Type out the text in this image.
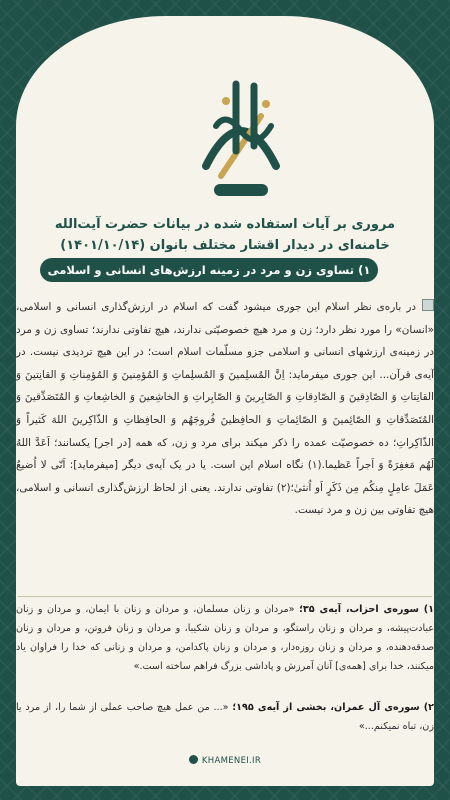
مروری بر آیات استفاده شده در بیانات حضرت آیت‌الله خامنه‌ای در دیدار اقشار مختلف بانوان (۱۴۰۱/۱۰/۱۴)
۱) تساوی زن و مرد در زمینه ارزش‌های انسانی و اسلامی
در باره‌ی نظر اسلام این جوری میشود گفت که اسلام در ارزش‌گذاری انسانی و اسلامی، «انسان» را مورد نظر دارد؛ زن و مرد هیچ خصوصیّتی ندارند، هیچ تفاوتی ندارند؛ تساوی زن و مرد در زمینه‌ی ارزشهای انسانی و اسلامی جزو مسلّمات اسلام است؛ در این هیچ تردیدی نیست. در آیه‌ی قرآن... این جوری میفرماید: اِنَّ المُسلِمینَ وَ المُسلِماتِ وَ المُؤمِنینَ وَ المُؤمِناتِ وَ القانِتینَ وَ القانِتاتِ وَ الصّادِقینَ وَ الصّادِقاتِ وَ الصّابِرینَ وَ الصّابِراتِ وَ الخاشِعینَ وَ الخاشِعاتِ وَ المُتَصَدِّقینَ وَ المُتَصَدِّقاتِ وَ الصّائِمینَ وَ الصّائِماتِ وَ الحافِظینَ فُروجَهُم وَ الحافِظاتِ وَ الذّاکِرینَ اللهَ کَثیراً وَ الذّاکِراتِ؛ ده خصوصیّت عمده را ذکر میکند برای مرد و زن، که همه [در اجر] یکسانند؛ اَعَدَّ اللهُ لَهُم مَغفِرَةً وَ اَجراً عَظیما.(۱) نگاه اسلام این است. یا در یک آیه‌ی دیگر [میفرماید]: اَنّی لا اُضیعُ عَمَلَ عامِلٍ مِنکُم مِن ذَکَرٍ اَو اُنثیٰ؛(۲) تفاوتی ندارند. یعنی از لحاظ ارزش‌گذاری انسانی و اسلامی، هیچ تفاوتی بین زن و مرد نیست.
۱) سوره‌ی احزاب، آیه‌ی ۳۵؛ «مردان و زنان مسلمان، و مردان و زنان با ایمان، و مردان و زنان عبادت‌پیشه، و مردان و زنان راستگو، و مردان و زنان شکیبا، و مردان و زنان فروتن، و مردان و زنان صدقه‌دهنده، و مردان و زنان روزه‌دار، و مردان و زنان پاکدامن، و مردان و زنانی که خدا را فراوان یاد میکنند، خدا برای [همه‌ی] آنان آمرزش و پاداشی بزرگ فراهم ساخته است.»
۲) سوره‌ی آل عمران، بخشی از آیه‌ی ۱۹۵؛ «... من عمل هیچ صاحب عملی از شما را، از مرد یا زن، تباه نمیکنم...»
KHAMENEI.IR
